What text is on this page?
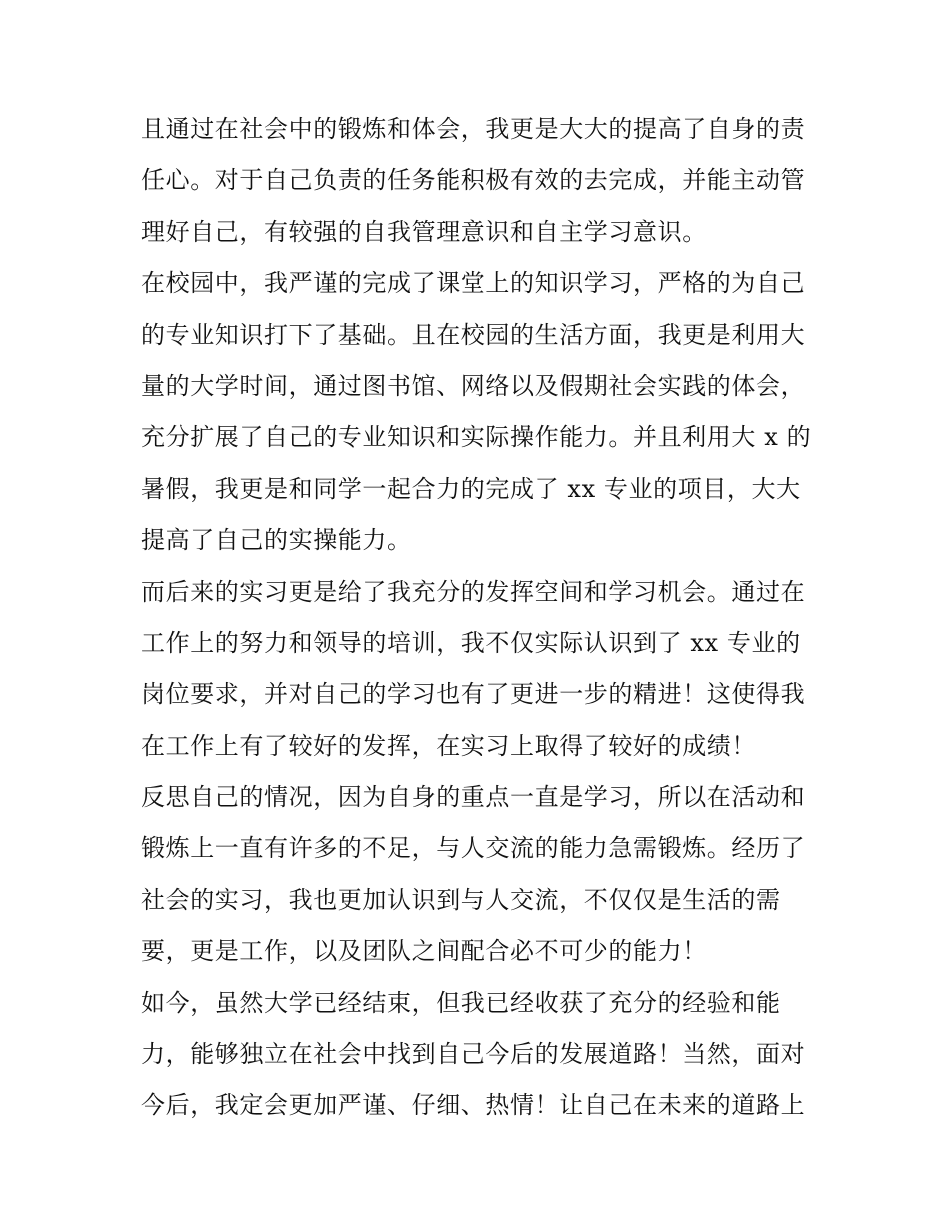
且通过在社会中的锻炼和体会，我更是大大的提高了自身的责
任心。对于自己负责的任务能积极有效的去完成，并能主动管
理好自己，有较强的自我管理意识和自主学习意识。
在校园中，我严谨的完成了课堂上的知识学习，严格的为自己
的专业知识打下了基础。且在校园的生活方面，我更是利用大
量的大学时间，通过图书馆、网络以及假期社会实践的体会，
充分扩展了自己的专业知识和实际操作能力。并且利用大 x 的
暑假，我更是和同学一起合力的完成了 xx 专业的项目，大大
提高了自己的实操能力。
而后来的实习更是给了我充分的发挥空间和学习机会。通过在
工作上的努力和领导的培训，我不仅实际认识到了 xx 专业的
岗位要求，并对自己的学习也有了更进一步的精进！这使得我
在工作上有了较好的发挥，在实习上取得了较好的成绩！
反思自己的情况，因为自身的重点一直是学习，所以在活动和
锻炼上一直有许多的不足，与人交流的能力急需锻炼。经历了
社会的实习，我也更加认识到与人交流，不仅仅是生活的需
要，更是工作，以及团队之间配合必不可少的能力！
如今，虽然大学已经结束，但我已经收获了充分的经验和能
力，能够独立在社会中找到自己今后的发展道路！当然，面对
今后，我定会更加严谨、仔细、热情！让自己在未来的道路上
